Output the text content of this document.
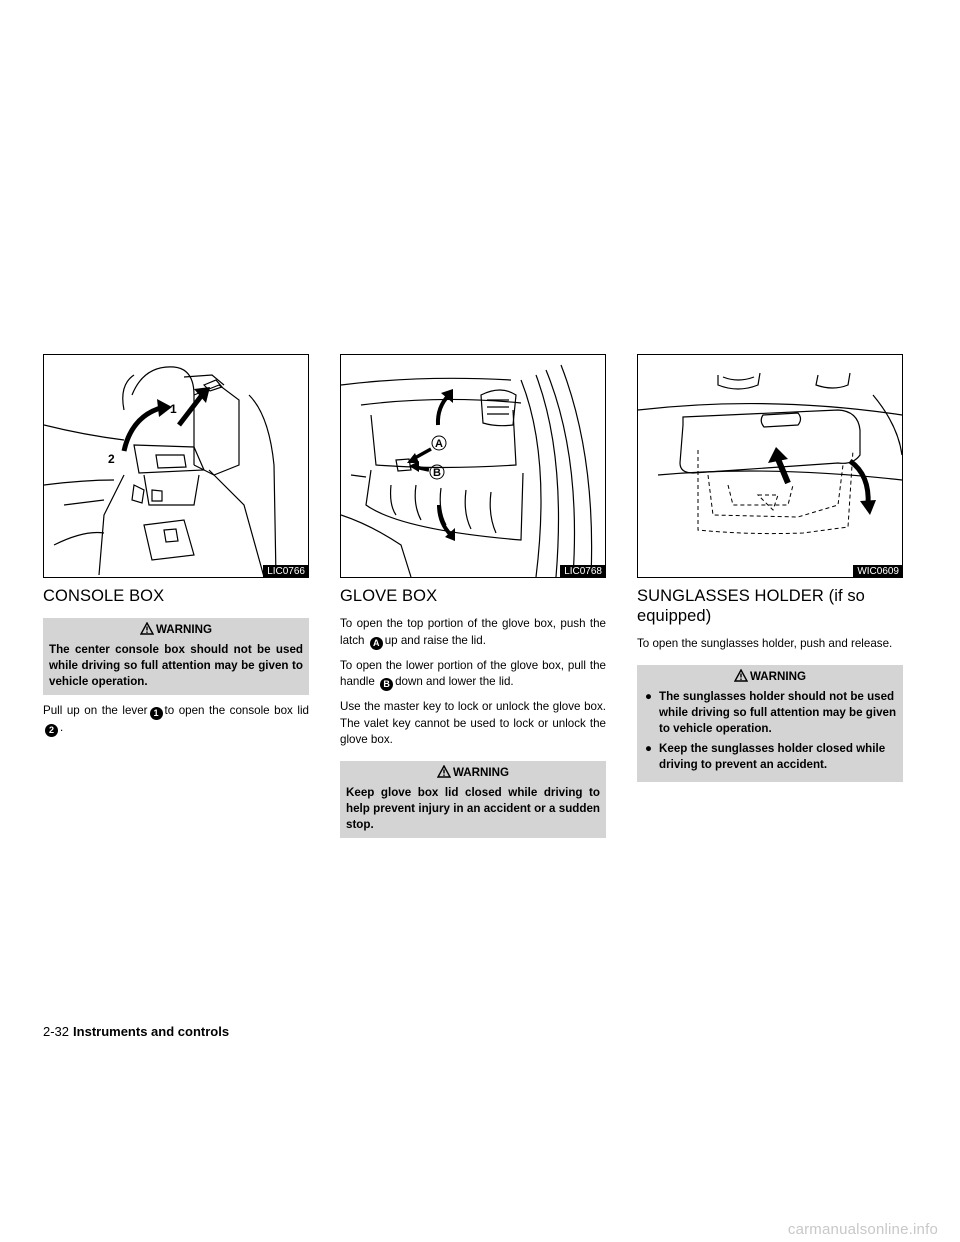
1
2
LIC0766
CONSOLE BOX
WARNING
The center console box should not be used while driving so full attention may be given to vehicle operation.

Pull up on the lever 1 to open the console box lid 2 .

A
B
LIC0768
GLOVE BOX

To open the top portion of the glove box, push the latch A up and raise the lid.

To open the lower portion of the glove box, pull the handle B down and lower the lid.

Use the master key to lock or unlock the glove box. The valet key cannot be used to lock or unlock the glove box.

WARNING
Keep glove box lid closed while driving to help prevent injury in an accident or a sudden stop.
WIC0609
SUNGLASSES HOLDER (if so equipped)

To open the sunglasses holder, push and release.

WARNING
● The sunglasses holder should not be used while driving so full attention may be given to vehicle operation.
● Keep the sunglasses holder closed while driving to prevent an accident.
2-32 Instruments and controls
carmanualsonline.info
